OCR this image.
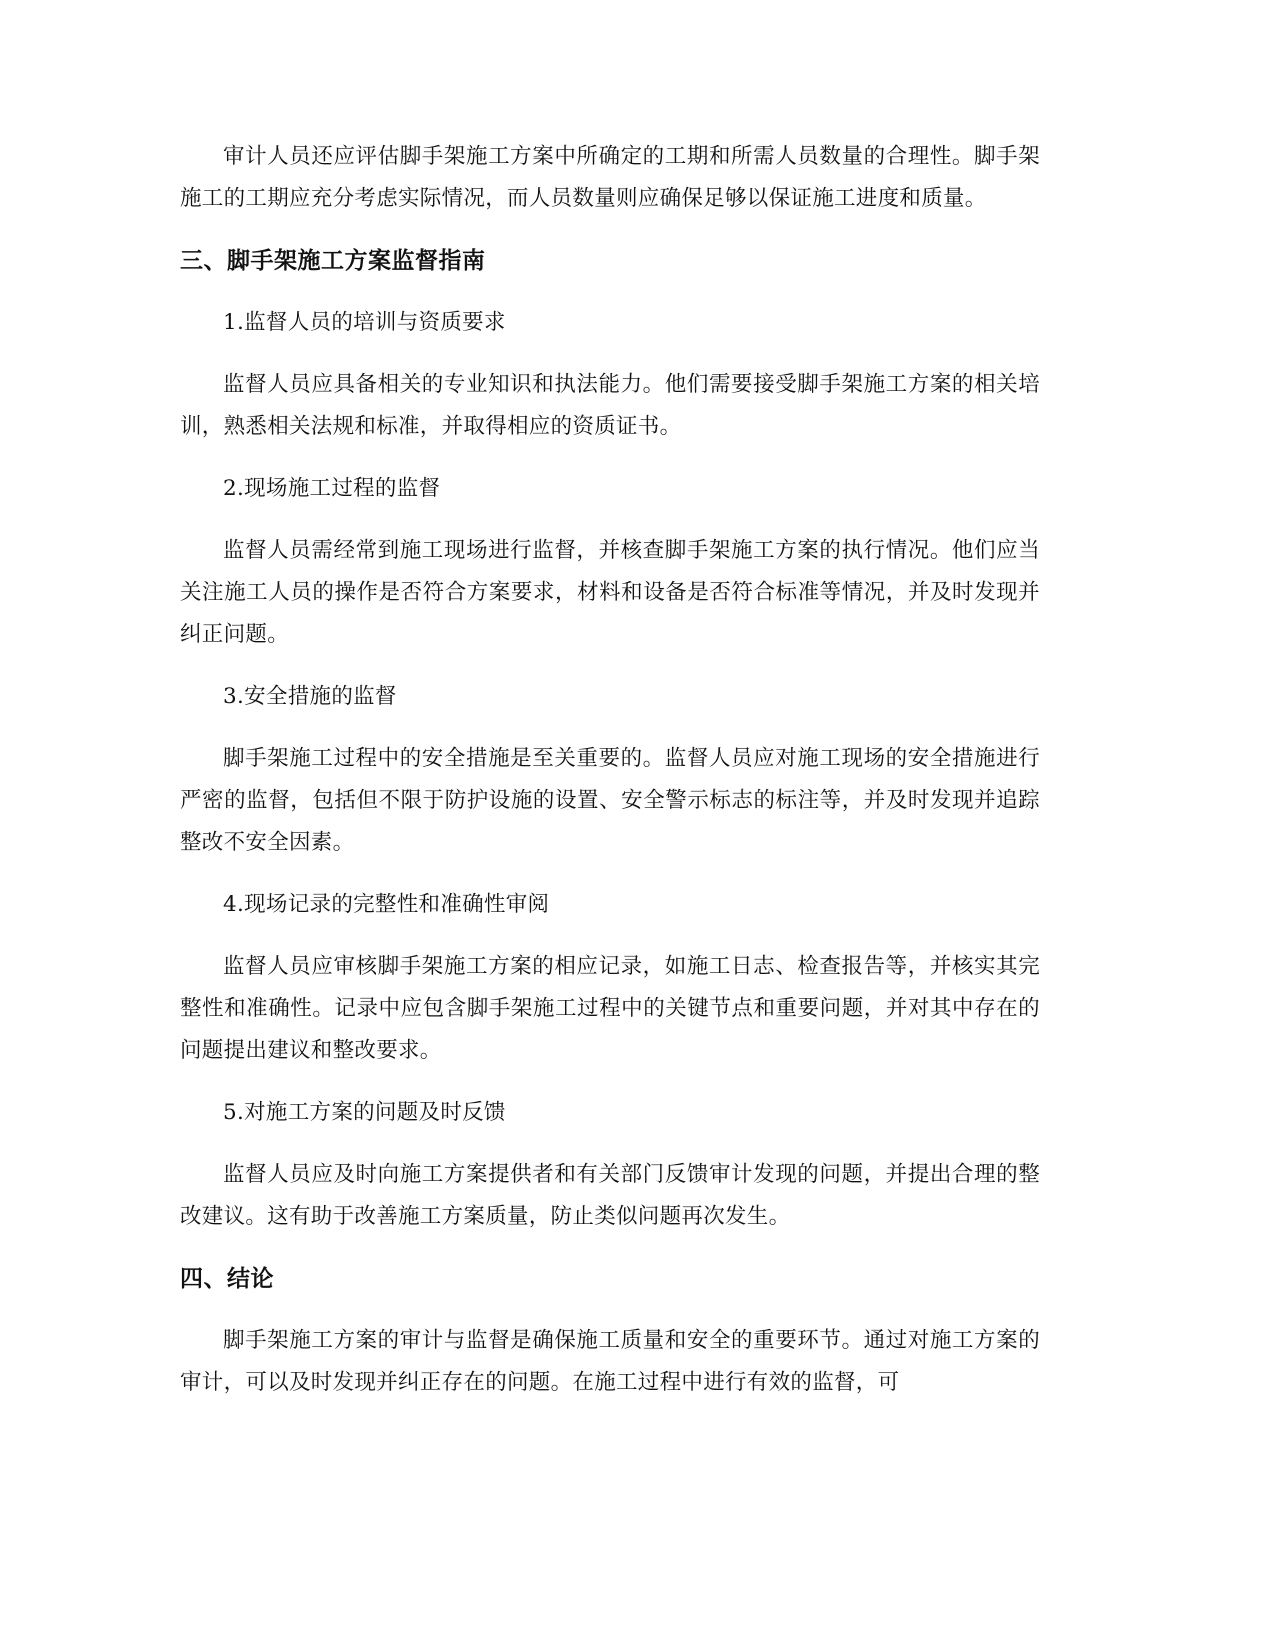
审计人员还应评估脚手架施工方案中所确定的工期和所需人员数量的合理性。脚手架施工的工期应充分考虑实际情况，而人员数量则应确保足够以保证施工进度和质量。

三、脚手架施工方案监督指南

1.监督人员的培训与资质要求

监督人员应具备相关的专业知识和执法能力。他们需要接受脚手架施工方案的相关培训，熟悉相关法规和标准，并取得相应的资质证书。

2.现场施工过程的监督

监督人员需经常到施工现场进行监督，并核查脚手架施工方案的执行情况。他们应当关注施工人员的操作是否符合方案要求，材料和设备是否符合标准等情况，并及时发现并纠正问题。

3.安全措施的监督

脚手架施工过程中的安全措施是至关重要的。监督人员应对施工现场的安全措施进行严密的监督，包括但不限于防护设施的设置、安全警示标志的标注等，并及时发现并追踪整改不安全因素。

4.现场记录的完整性和准确性审阅

监督人员应审核脚手架施工方案的相应记录，如施工日志、检查报告等，并核实其完整性和准确性。记录中应包含脚手架施工过程中的关键节点和重要问题，并对其中存在的问题提出建议和整改要求。

5.对施工方案的问题及时反馈

监督人员应及时向施工方案提供者和有关部门反馈审计发现的问题，并提出合理的整改建议。这有助于改善施工方案质量，防止类似问题再次发生。

四、结论

脚手架施工方案的审计与监督是确保施工质量和安全的重要环节。通过对施工方案的审计，可以及时发现并纠正存在的问题。在施工过程中进行有效的监督，可
